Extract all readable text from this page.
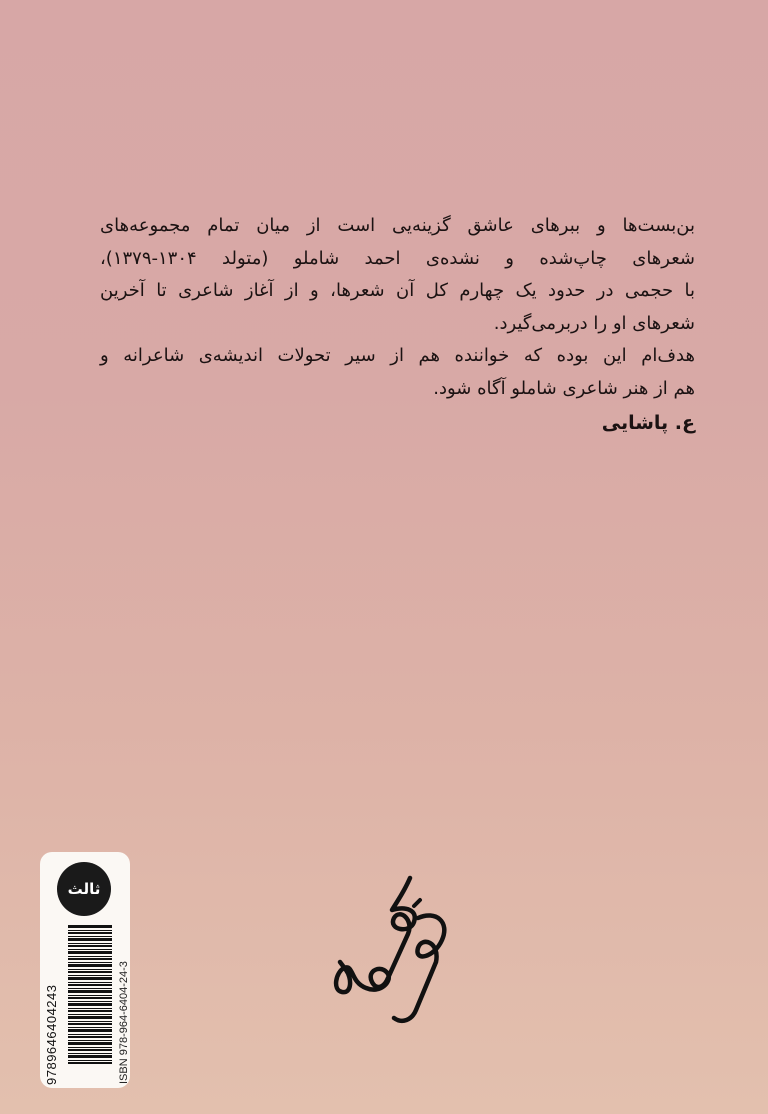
بن‌بست‌ها و ببرهای عاشق گزینه‌یی است از میان تمام مجموعه‌های
شعرهای چاپ‌شده و نشده‌ی احمد شاملو (متولد ۱۳۰۴-۱۳۷۹)،
با حجمی در حدود یک چهارم کل آن شعرها، و از آغاز شاعری تا آخرین
شعرهای او را دربرمی‌گیرد.
هدف‌ام این بوده که خواننده هم از سیر تحولات اندیشه‌ی شاعرانه و
هم از هنر شاعری شاملو آگاه شود.
ع. پاشایی
ثالث
ISBN 978-964-6404-24-3
9789646404243
